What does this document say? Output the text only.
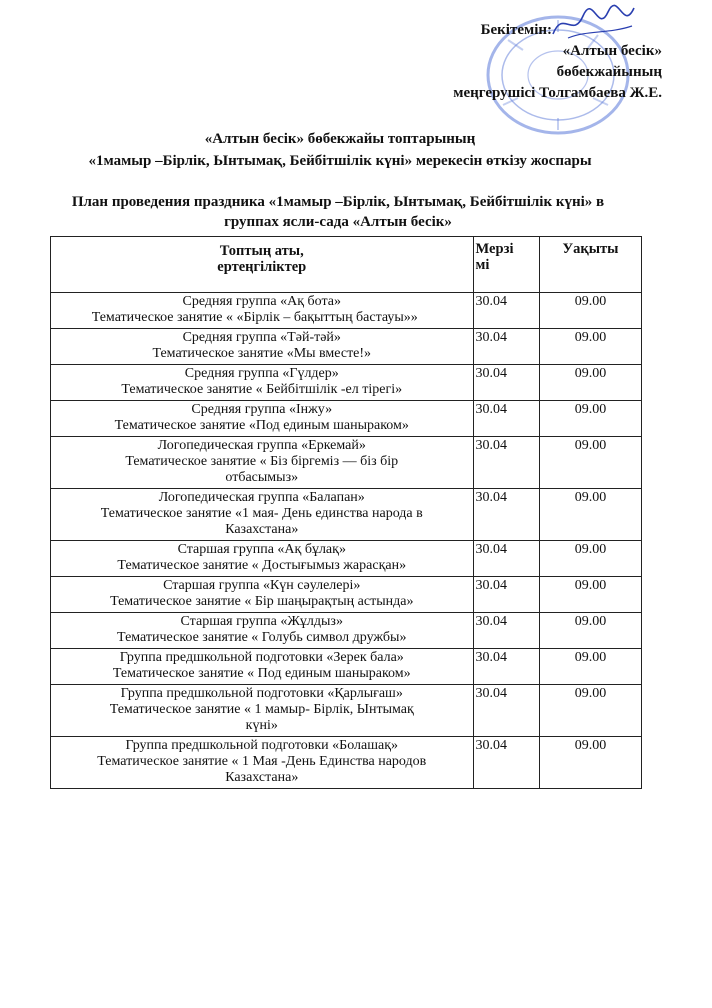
Бекітемін:
«Алтын бесік»
бөбекжайының
меңгерушісі Толгамбаева Ж.Е.
«Алтын бесік» бөбекжайы топтарының
«1мамыр –Бірлік, Ынтымақ, Бейбітшілік күні» мерекесін өткізу жоспары
План проведения праздника «1мамыр –Бірлік, Ынтымақ, Бейбітшілік күні» в
группах ясли-сада «Алтын бесік»
Топтың аты,
ертеңгіліктер	Мерзі
мі	Уақыты

Средняя группа «Ақ бота»
Тематическое занятие « «Бірлік – бақыттың бастауы»»	30.04	09.00

Средняя группа «Тәй-тәй»
Тематическое занятие «Мы вместе!»	30.04	09.00

Средняя группа «Гүлдер»
Тематическое занятие « Бейбітшілік -ел тірегі»	30.04	09.00

Средняя группа «Інжу»
Тематическое занятие «Под единым шаныраком»	30.04	09.00

Логопедическая группа «Еркемай»
Тематическое занятие « Біз біргеміз — біз бір
отбасымыз»	30.04	09.00

Логопедическая группа «Балапан»
Тематическое занятие «1 мая- День единства народа в
Казахстана»	30.04	09.00

Старшая группа «Ақ бұлақ»
Тематическое занятие « Достығымыз жарасқан»	30.04	09.00

Старшая группа «Күн сәулелері»
Тематическое занятие « Бір шаңырақтың астында»	30.04	09.00

Старшая группа «Жұлдыз»
Тематическое занятие « Голубь символ дружбы»	30.04	09.00

Группа предшкольной подготовки «Зерек бала»
Тематическое занятие « Под единым шаныраком»	30.04	09.00

Группа предшкольной подготовки «Қарлығаш»
Тематическое занятие « 1 мамыр- Бірлік, Ынтымақ
күні»	30.04	09.00

Группа предшкольной подготовки «Болашақ»
Тематическое занятие « 1 Мая -День Единства народов
Казахстана»	30.04	09.00
